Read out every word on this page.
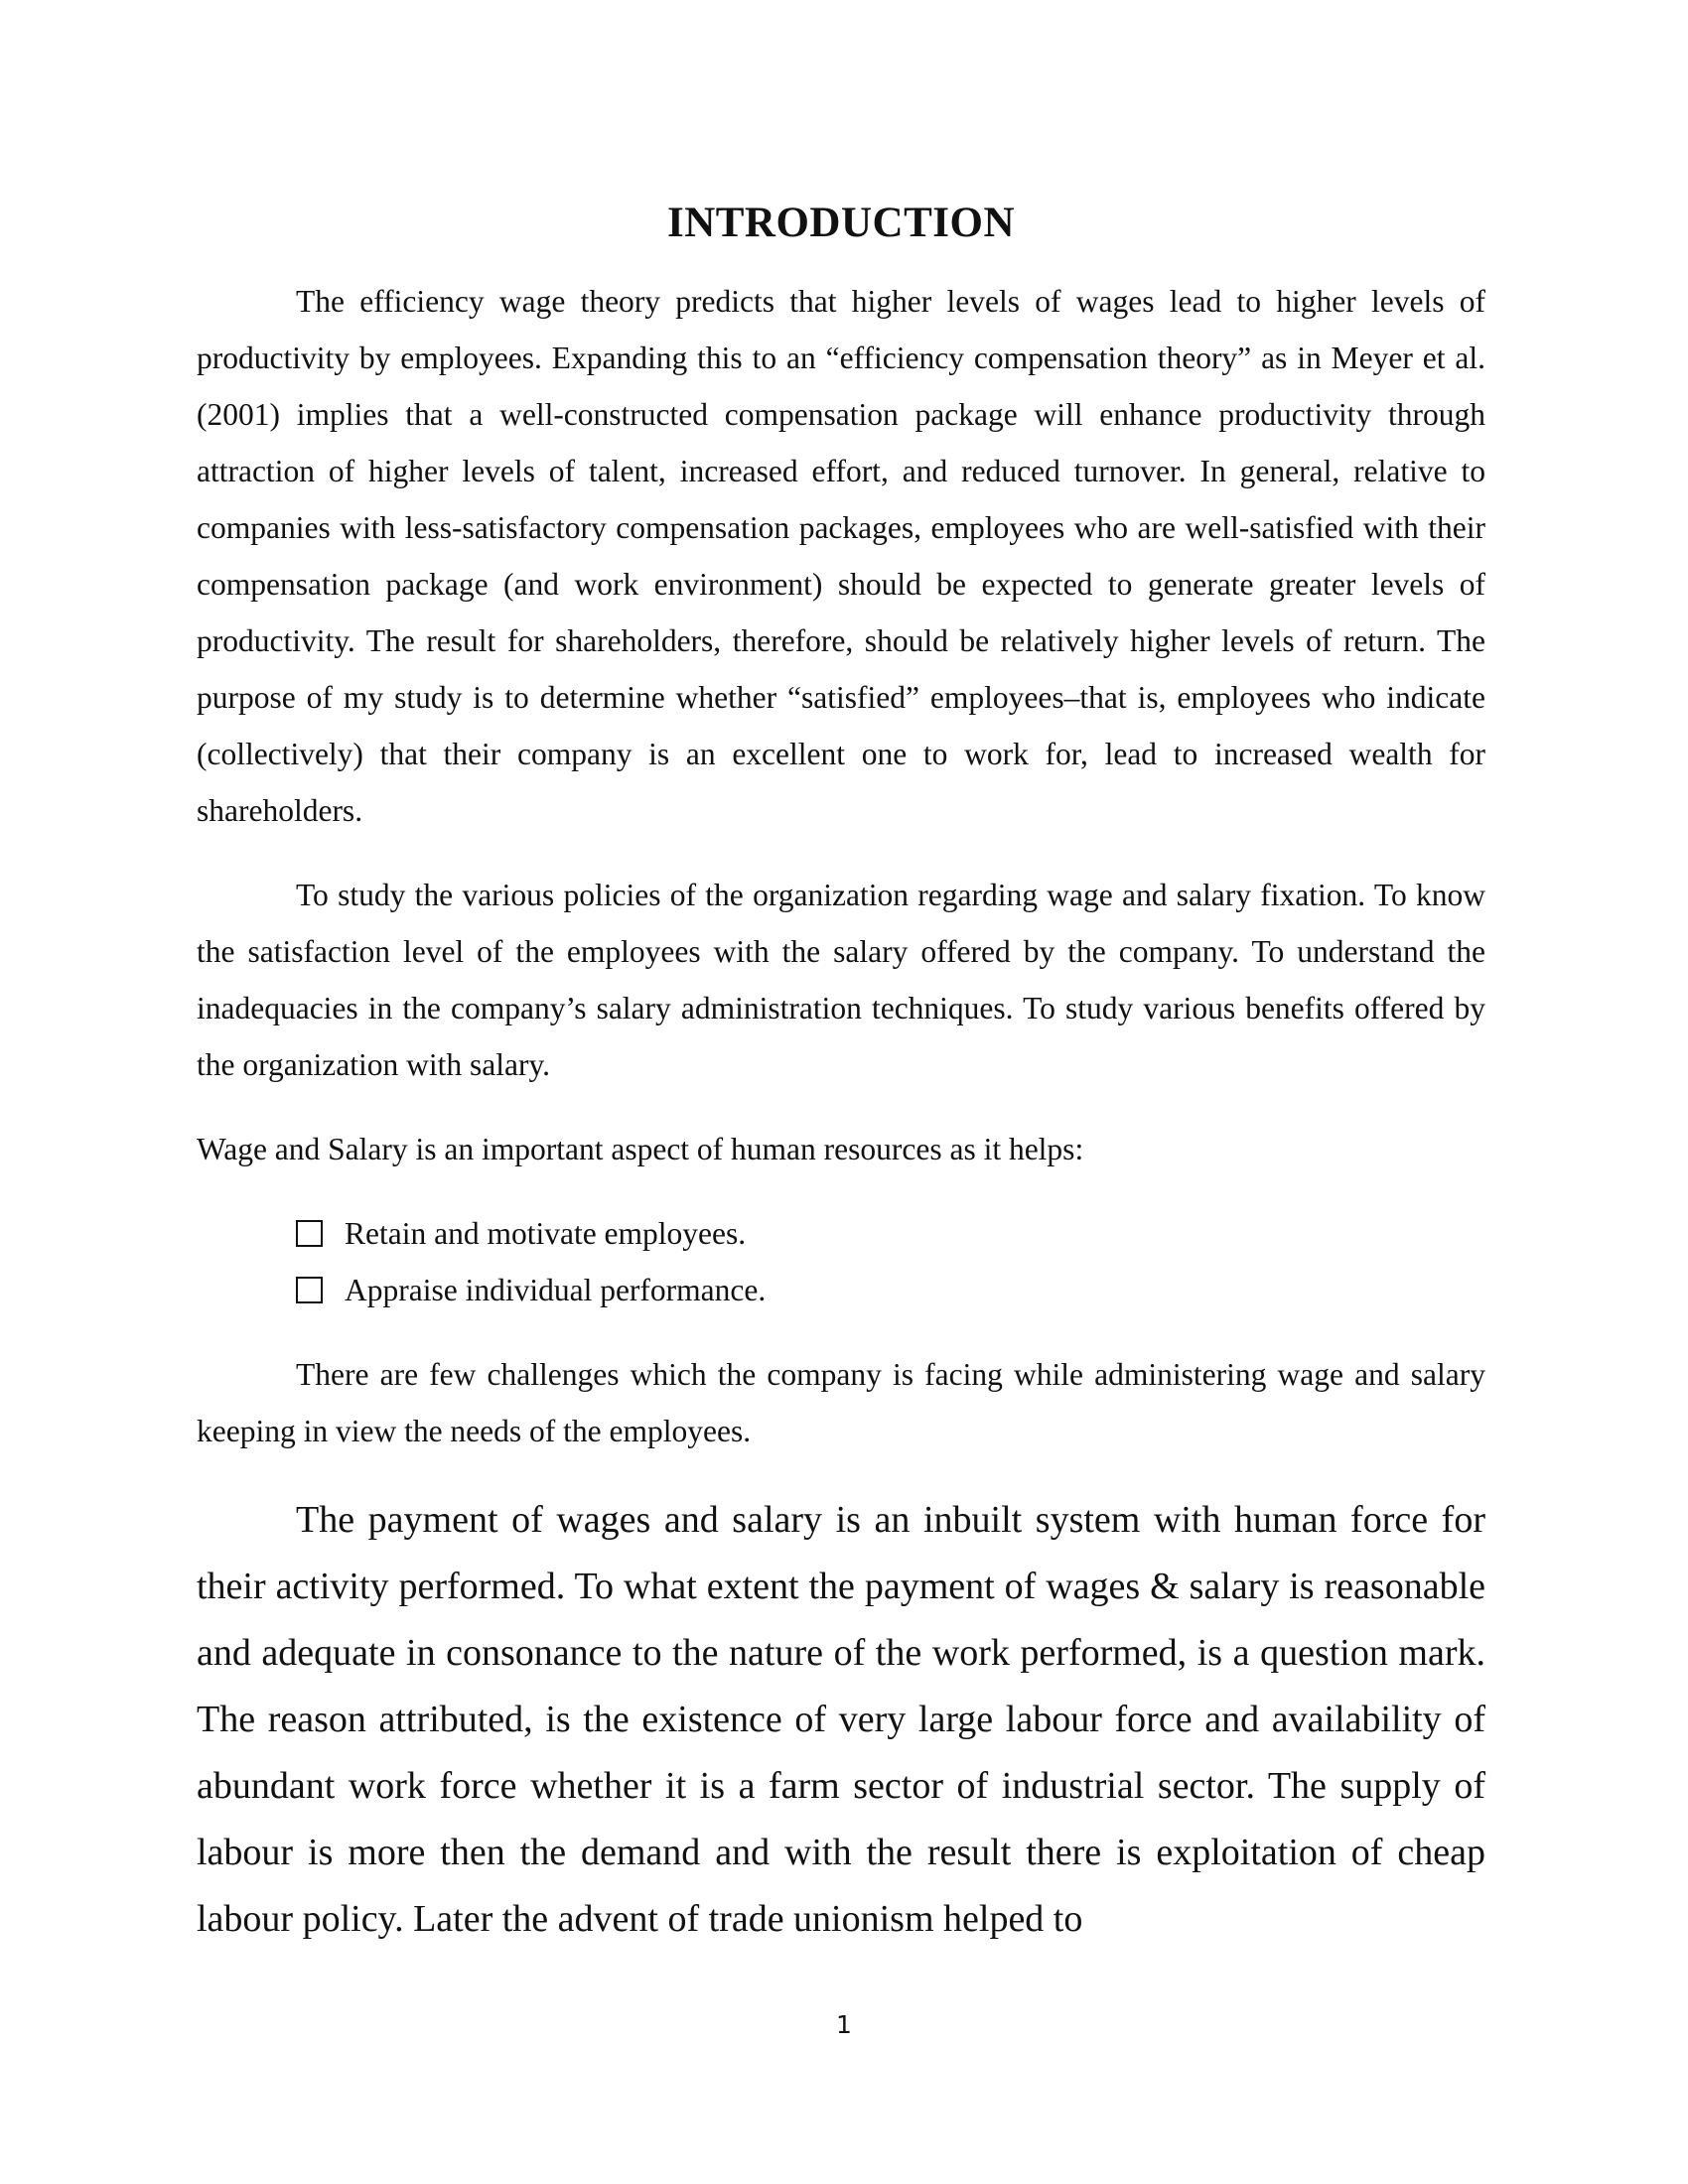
INTRODUCTION

The efficiency wage theory predicts that higher levels of wages lead to higher levels of productivity by employees. Expanding this to an “efficiency compensation theory” as in Meyer et al. (2001) implies that a well-constructed compensation package will enhance productivity through attraction of higher levels of talent, increased effort, and reduced turnover. In general, relative to companies with less-satisfactory compensation packages, employees who are well-satisfied with their compensation package (and work environment) should be expected to generate greater levels of productivity. The result for shareholders, therefore, should be relatively higher levels of return. The purpose of my study is to determine whether “satisfied” employees–that is, employees who indicate (collectively) that their company is an excellent one to work for, lead to increased wealth for shareholders.

To study the various policies of the organization regarding wage and salary fixation. To know the satisfaction level of the employees with the salary offered by the company. To understand the inadequacies in the company’s salary administration techniques. To study various benefits offered by the organization with salary.

Wage and Salary is an important aspect of human resources as it helps:

Retain and motivate employees.
Appraise individual performance.

There are few challenges which the company is facing while administering wage and salary keeping in view the needs of the employees.

The payment of wages and salary is an inbuilt system with human force for their activity performed. To what extent the payment of wages & salary is reasonable and adequate in consonance to the nature of the work performed, is a question mark. The reason attributed, is the existence of very large labour force and availability of abundant work force whether it is a farm sector of industrial sector. The supply of labour is more then the demand and with the result there is exploitation of cheap labour policy. Later the advent of trade unionism helped to

1
